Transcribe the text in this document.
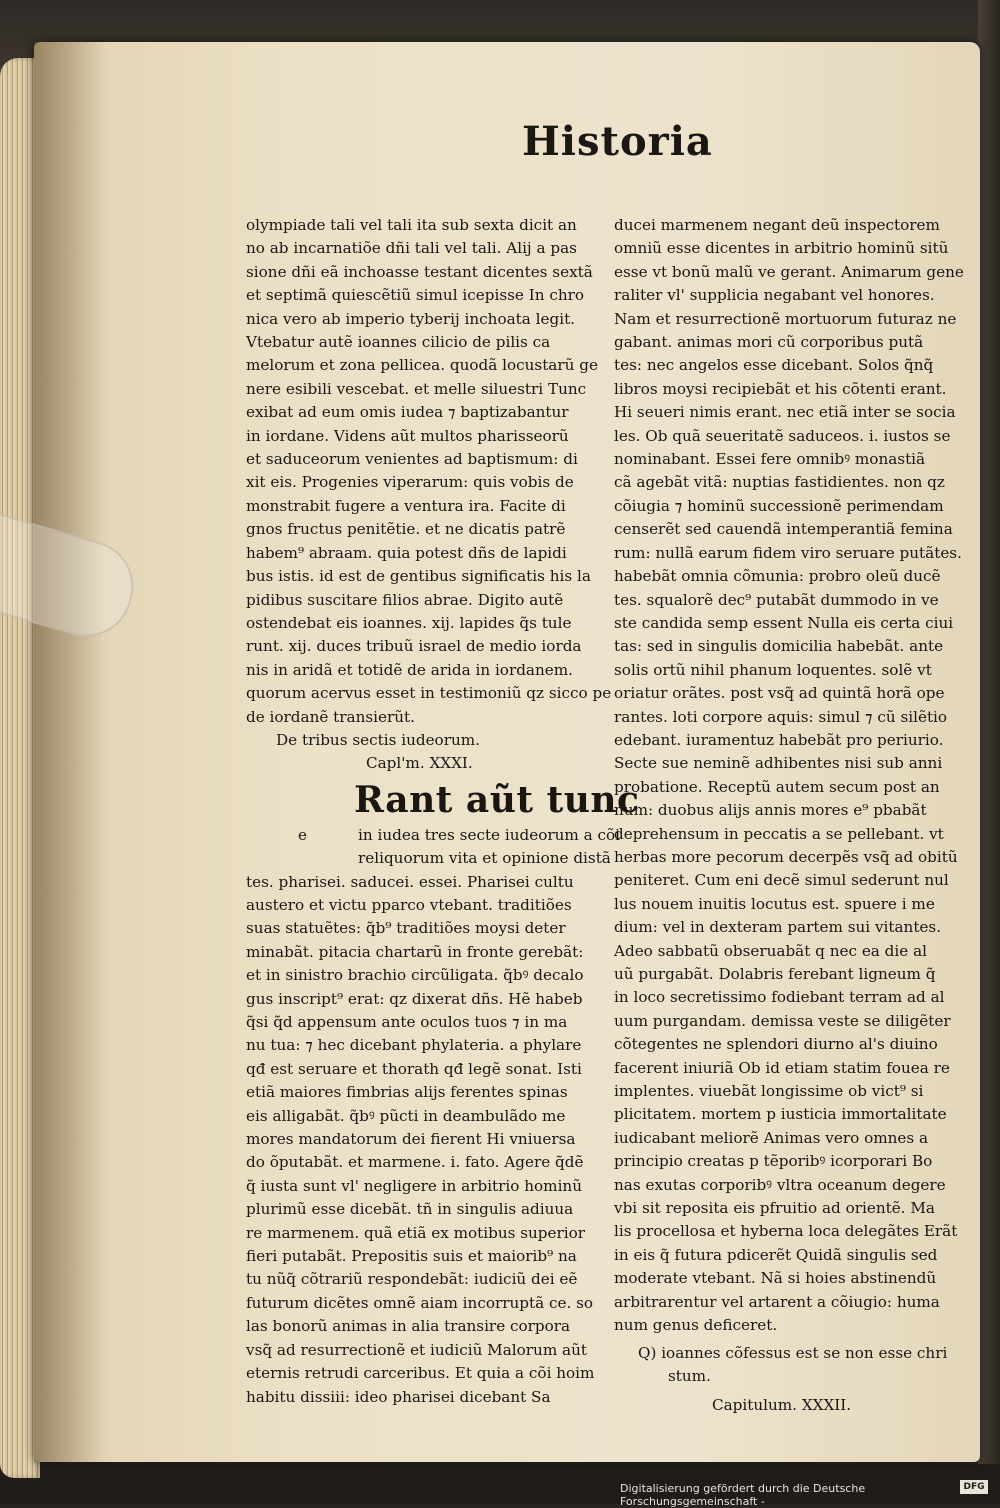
Historia

olympiade tali vel tali ita sub sexta dicit an

no ab incarnatiõe dñi tali vel tali. Alij a pas

sione dñi eã inchoasse testant dicentes sextã

et septimã quiescẽtiũ simul icepisse In chro

nica vero ab imperio tyberij inchoata legit.

Vtebatur autẽ ioannes cilicio de pilis ca

melorum et zona pellicea. quodã locustarũ ge

nere esibili vescebat. et melle siluestri Tunc

exibat ad eum omis iudea ⁊ baptizabantur

in iordane. Videns aũt multos pharisseorũ

et saduceorum venientes ad baptismum: di

xit eis. Progenies viperarum: quis vobis de

monstrabit fugere a ventura ira. Facite di

gnos fructus penitẽtie. et ne dicatis patrẽ

habem⁹ abraam. quia potest dñs de lapidi

bus istis. id est de gentibus significatis his la

pidibus suscitare filios abrae. Digito autẽ

ostendebat eis ioannes. xij. lapides q̃s tule

runt. xij. duces tribuũ israel de medio iorda

nis in aridã et totidẽ de arida in iordanem.

quorum acervus esset in testimoniũ qz sicco pe

de iordanẽ transierũt.

De tribus sectis iudeorum.

Capl'm. XXXI.

Rant aũt tunc

e	in iudea tres secte iudeorum a cõi

reliquorum vita et opinione distã

tes. pharisei. saducei. essei. Pharisei cultu

austero et victu pparco vtebant. traditiões

suas statuẽtes: q̃b⁹ traditiões moysi deter

minabãt. pitacia chartarũ in fronte gerebãt:

et in sinistro brachio circũligata. q̃bꝰ decalo

gus inscript⁹ erat: qz dixerat dñs. Hẽ habeb

q̃si q̃d appensum ante oculos tuos ⁊ in ma

nu tua: ⁊ hec dicebant phylateria. a phylare

qđ est seruare et thorath qđ legẽ sonat. Isti

etiã maiores fimbrias alijs ferentes spinas

eis alligabãt. q̃bꝰ pũcti in deambulãdo me

mores mandatorum dei fierent Hi vniuersa

do õputabãt. et marmene. i. fato. Agere q̃dẽ

q̃ iusta sunt vl' negligere in arbitrio hominũ

plurimũ esse dicebãt. tñ in singulis adiuua

re marmenem. quã etiã ex motibus superior

fieri putabãt. Prepositis suis et maiorib⁹ na

tu nũq̃ cõtrariũ respondebãt: iudiciũ dei eẽ

futurum dicẽtes omnẽ aiam incorruptã ce. so

las bonorũ animas in alia transire corpora

vsq̃ ad resurrectionẽ et iudiciũ Malorum aũt

eternis retrudi carceribus. Et quia a cõi hoim

habitu dissiii: ideo pharisei dicebant Sa

ducei marmenem negant deũ inspectorem

omniũ esse dicentes in arbitrio hominũ sitũ

esse vt bonũ malũ ve gerant. Animarum gene

raliter vl' supplicia negabant vel honores.

Nam et resurrectionẽ mortuorum futuraz ne

gabant. animas mori cũ corporibus putã

tes: nec angelos esse dicebant. Solos q̃nq̃

libros moysi recipiebãt et his cõtenti erant.

Hi seueri nimis erant. nec etiã inter se socia

les. Ob quã seueritatẽ saduceos. i. iustos se

nominabant. Essei fere omnibꝰ monastiã

cã agebãt vitã: nuptias fastidientes. non qz

cõiugia ⁊ hominũ successionẽ perimendam

censerẽt sed cauendã intemperantiã femina

rum: nullã earum fidem viro seruare putãtes.

habebãt omnia cõmunia: probro oleũ ducẽ

tes. squalorẽ dec⁹ putabãt dummodo in ve

ste candida semp essent Nulla eis certa ciui

tas: sed in singulis domicilia habebãt. ante

solis ortũ nihil phanum loquentes. solẽ vt

oriatur orãtes. post vsq̃ ad quintã horã ope

rantes. loti corpore aquis: simul ⁊ cũ silẽtio

edebant. iuramentuz habebãt pro periurio.

Secte sue neminẽ adhibentes nisi sub anni

probatione. Receptũ autem secum post an

num: duobus alijs annis mores e⁹ pbabãt

deprehensum in peccatis a se pellebant. vt

herbas more pecorum decerpẽs vsq̃ ad obitũ

peniteret. Cum eni decẽ simul sederunt nul

lus nouem inuitis locutus est. spuere i me

dium: vel in dexteram partem sui vitantes.

Adeo sabbatũ obseruabãt q nec ea die al

uũ purgabãt. Dolabris ferebant ligneum q̃

in loco secretissimo fodiebant terram ad al

uum purgandam. demissa veste se diligẽter

cõtegentes ne splendori diurno al's diuino

facerent iniuriã Ob id etiam statim fouea re

implentes. viuebãt longissime ob vict⁹ si

plicitatem. mortem p iusticia immortalitate

iudicabant meliorẽ Animas vero omnes a

principio creatas p tẽporibꝰ icorporari Bo

nas exutas corporibꝰ vltra oceanum degere

vbi sit reposita eis pfruitio ad orientẽ. Ma

lis procellosa et hyberna loca delegãtes Erãt

in eis q̃ futura pdicerẽt Quidã singulis sed

moderate vtebant. Nã si hoies abstinendũ

arbitrarentur vel artarent a cõiugio: huma

num genus deficeret.

Q) ioannes cõfessus est se non esse chri

stum.

Capitulum. XXXII.

Digitalisierung gefördert durch die Deutsche Forschungsgemeinschaft -
DFG
